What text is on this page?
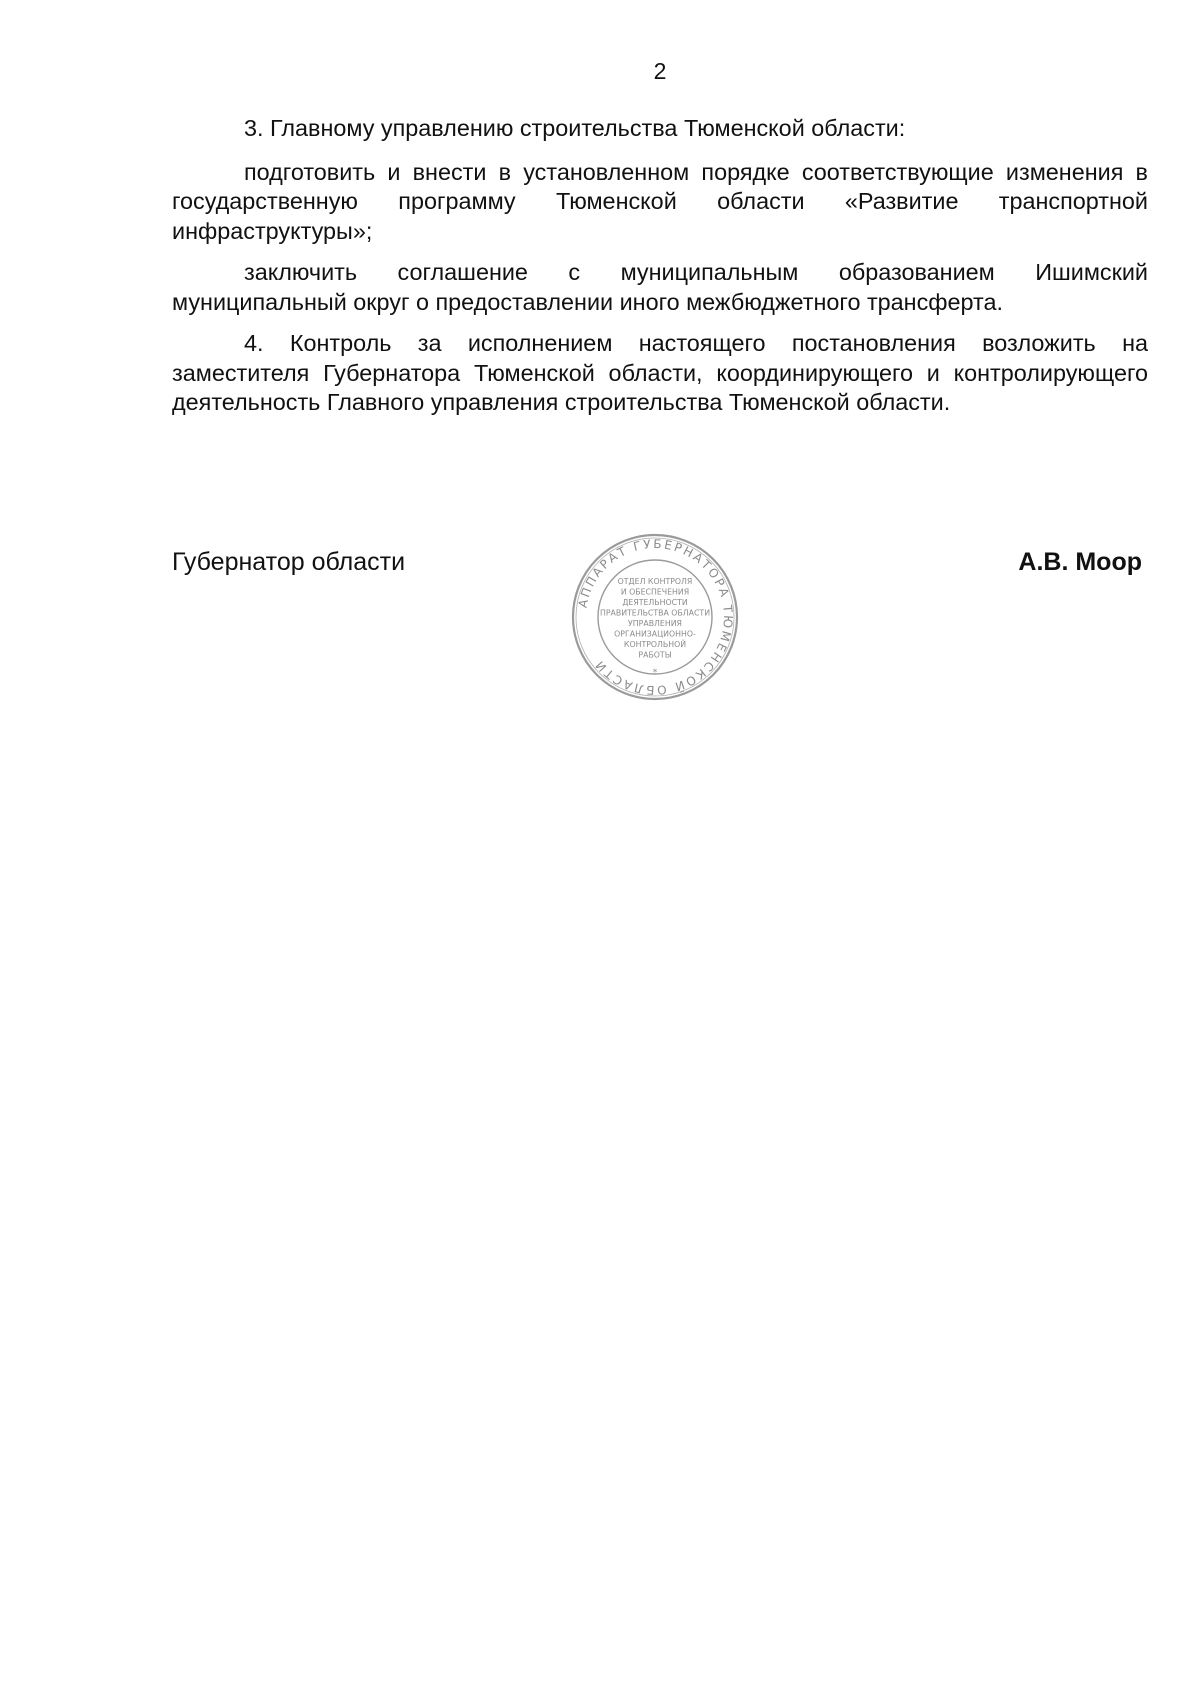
2

3. Главному управлению строительства Тюменской области:

подготовить и внести в установленном порядке соответствующие изменения в государственную программу Тюменской области «Развитие транспортной инфраструктуры»;

заключить соглашение с муниципальным образованием Ишимский муниципальный округ о предоставлении иного межбюджетного трансферта.

4. Контроль за исполнением настоящего постановления возложить на заместителя Губернатора Тюменской области, координирующего и контролирующего деятельность Главного управления строительства Тюменской области.

Губернатор области	А.В. Моор
АППАРАТ ГУБЕРНАТОРА ТЮМЕНСКОЙ ОБЛАСТИ	*
ОТДЕЛ КОНТРОЛЯ
И ОБЕСПЕЧЕНИЯ
ДЕЯТЕЛЬНОСТИ
ПРАВИТЕЛЬСТВА ОБЛАСТИ
УПРАВЛЕНИЯ
ОРГАНИЗАЦИОННО-
КОНТРОЛЬНОЙ
РАБОТЫ
